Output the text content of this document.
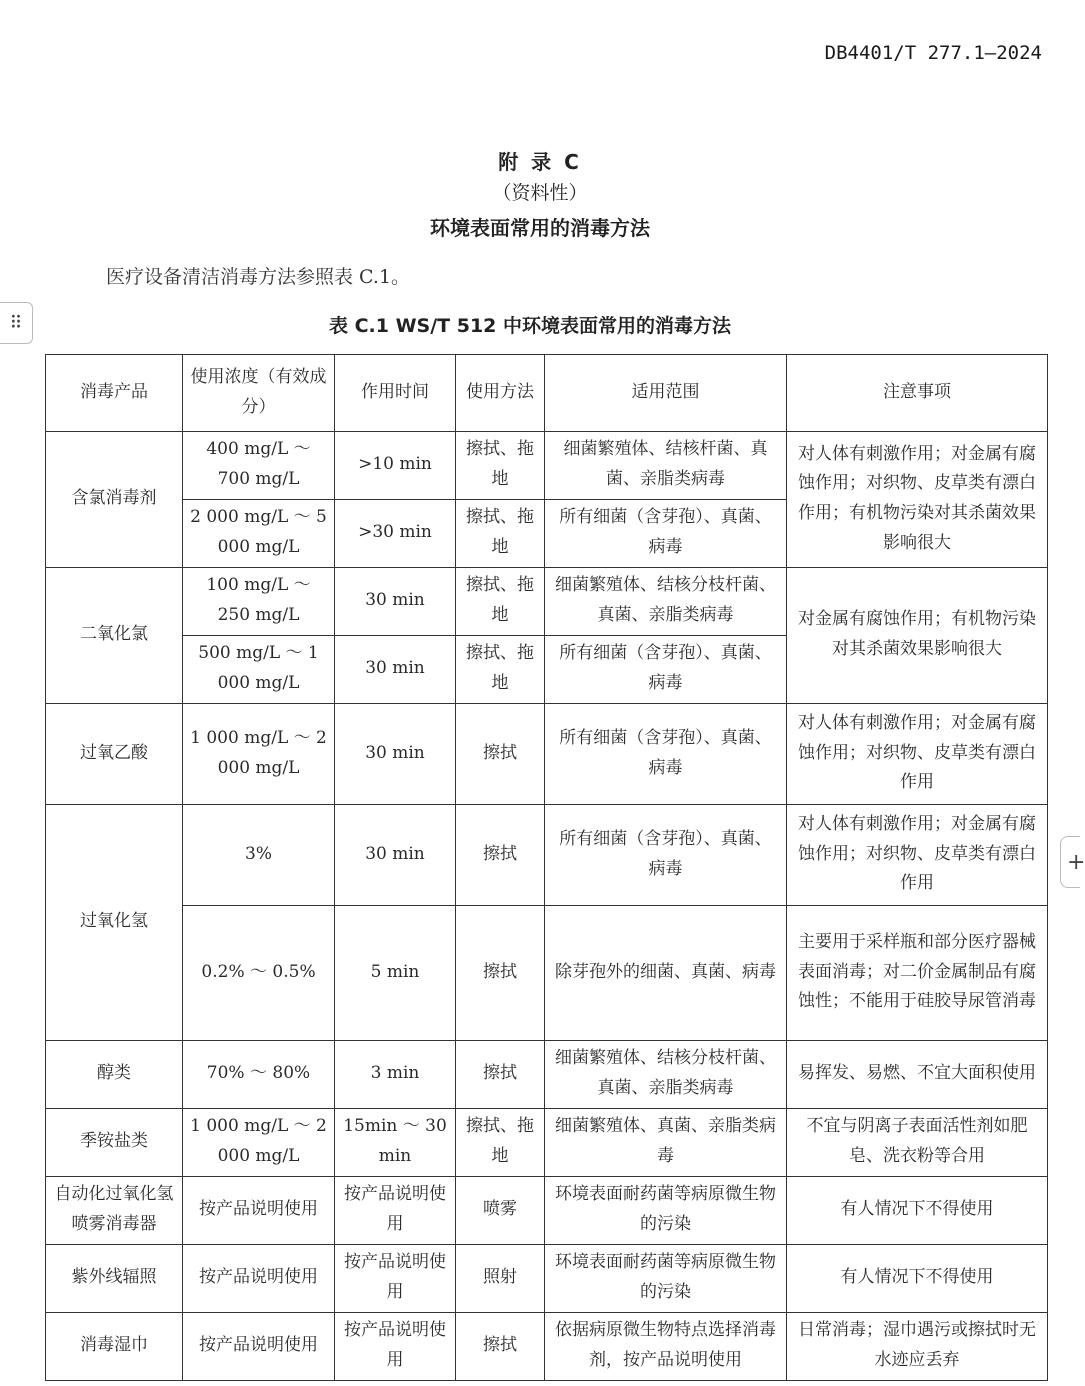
DB4401/T 277.1—2024
附 录 C
（资料性）
环境表面常用的消毒方法
医疗设备清洁消毒方法参照表 C.1。
⠿
+
表 C.1 WS/T 512 中环境表面常用的消毒方法
消毒产品	使用浓度（有效成分）	作用时间	使用方法	适用范围	注意事项
含氯消毒剂	400 mg/L ～ 700 mg/L	>10 min	擦拭、拖地	细菌繁殖体、结核杆菌、真菌、亲脂类病毒	对人体有刺激作用；对金属有腐蚀作用；对织物、皮草类有漂白作用；有机物污染对其杀菌效果影响很大
	2 000 mg/L ～ 5 000 mg/L	>30 min	擦拭、拖地	所有细菌（含芽孢）、真菌、病毒	
二氧化氯	100 mg/L ～ 250 mg/L	30 min	擦拭、拖地	细菌繁殖体、结核分枝杆菌、真菌、亲脂类病毒	对金属有腐蚀作用；有机物污染对其杀菌效果影响很大
	500 mg/L ～ 1 000 mg/L	30 min	擦拭、拖地	所有细菌（含芽孢）、真菌、病毒	
过氧乙酸	1 000 mg/L ～ 2 000 mg/L	30 min	擦拭	所有细菌（含芽孢）、真菌、病毒	对人体有刺激作用；对金属有腐蚀作用；对织物、皮草类有漂白作用
过氧化氢	3%	30 min	擦拭	所有细菌（含芽孢）、真菌、病毒	对人体有刺激作用；对金属有腐蚀作用；对织物、皮草类有漂白作用
	0.2% ～ 0.5%	5 min	擦拭	除芽孢外的细菌、真菌、病毒	主要用于采样瓶和部分医疗器械表面消毒；对二价金属制品有腐蚀性；不能用于硅胶导尿管消毒
醇类	70% ～ 80%	3 min	擦拭	细菌繁殖体、结核分枝杆菌、真菌、亲脂类病毒	易挥发、易燃、不宜大面积使用
季铵盐类	1 000 mg/L ～ 2 000 mg/L	15min ～ 30 min	擦拭、拖地	细菌繁殖体、真菌、亲脂类病毒	不宜与阴离子表面活性剂如肥皂、洗衣粉等合用
自动化过氧化氢喷雾消毒器	按产品说明使用	按产品说明使用	喷雾	环境表面耐药菌等病原微生物的污染	有人情况下不得使用
紫外线辐照	按产品说明使用	按产品说明使用	照射	环境表面耐药菌等病原微生物的污染	有人情况下不得使用
消毒湿巾	按产品说明使用	按产品说明使用	擦拭	依据病原微生物特点选择消毒剂，按产品说明使用	日常消毒；湿巾遇污或擦拭时无水迹应丢弃
